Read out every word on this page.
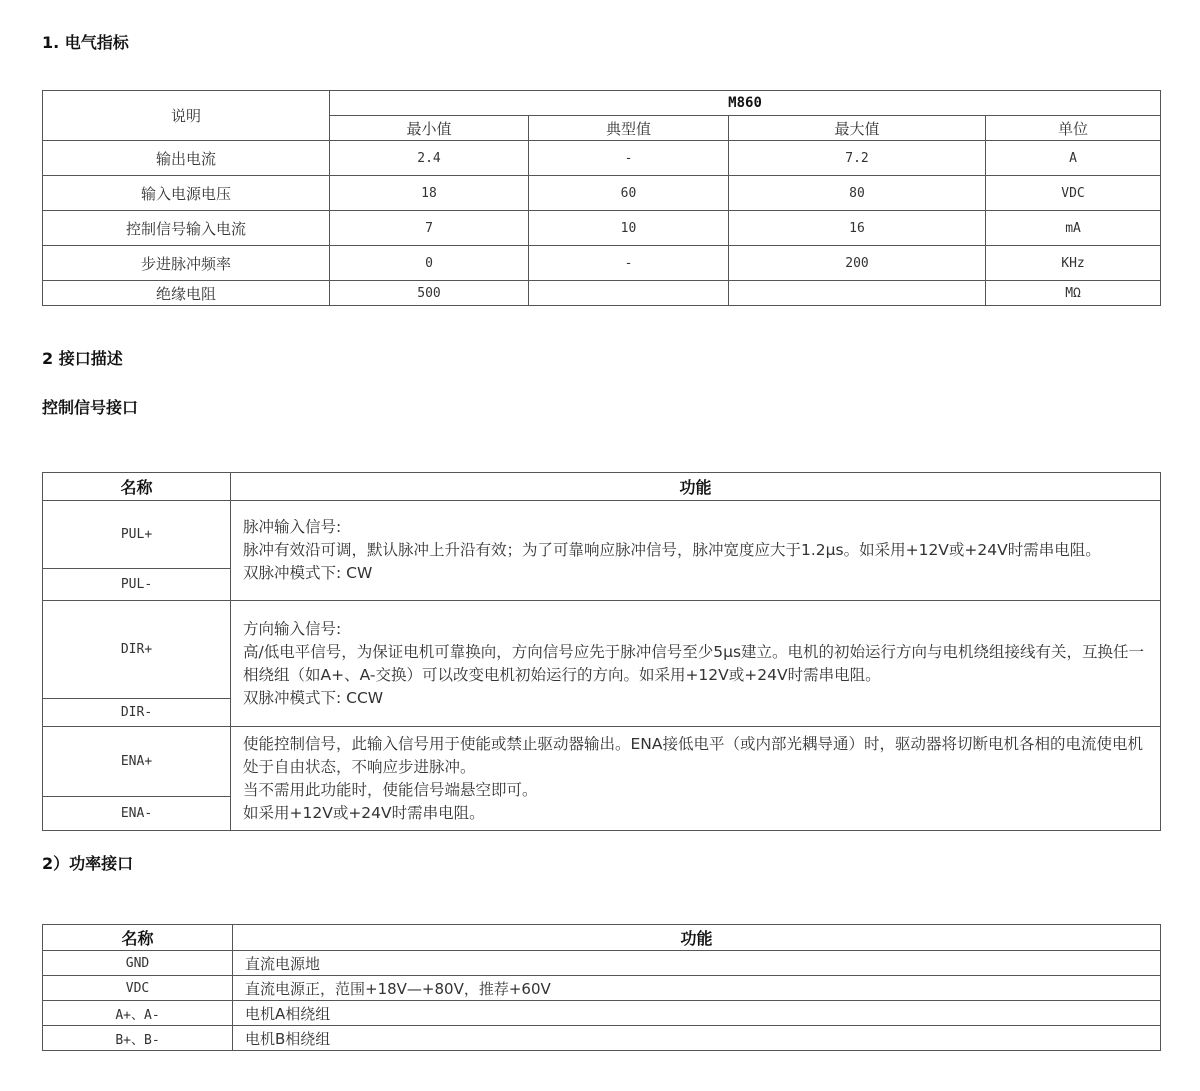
1. 电气指标
说明	M860			
	最小值	典型值	最大值	单位
输出电流	2.4	-	7.2	A
输入电源电压	18	60	80	VDC
控制信号输入电流	7	10	16	mA
步进脉冲频率	0	-	200	KHz
绝缘电阻	500			MΩ
2 接口描述
控制信号接口
名称	功能
PUL+	脉冲输入信号:
脉冲有效沿可调，默认脉冲上升沿有效；为了可靠响应脉冲信号，脉冲宽度应大于1.2μs。如采用+12V或+24V时需串电阻。
双脉冲模式下: CW

PUL-	
DIR+	方向输入信号:
高/低电平信号，为保证电机可靠换向，方向信号应先于脉冲信号至少5μs建立。电机的初始运行方向与电机绕组接线有关，互换任一相绕组（如A+、A-交换）可以改变电机初始运行的方向。如采用+12V或+24V时需串电阻。
双脉冲模式下: CCW

DIR-	
ENA+	使能控制信号，此输入信号用于使能或禁止驱动器输出。ENA接低电平（或内部光耦导通）时，驱动器将切断电机各相的电流使电机处于自由状态，不响应步进脉冲。
当不需用此功能时，使能信号端悬空即可。
如采用+12V或+24V时需串电阻。

ENA-	
2）功率接口
名称	功能
GND	直流电源地
VDC	直流电源正，范围+18V—+80V，推荐+60V
A+、A-	电机A相绕组
B+、B-	电机B相绕组
